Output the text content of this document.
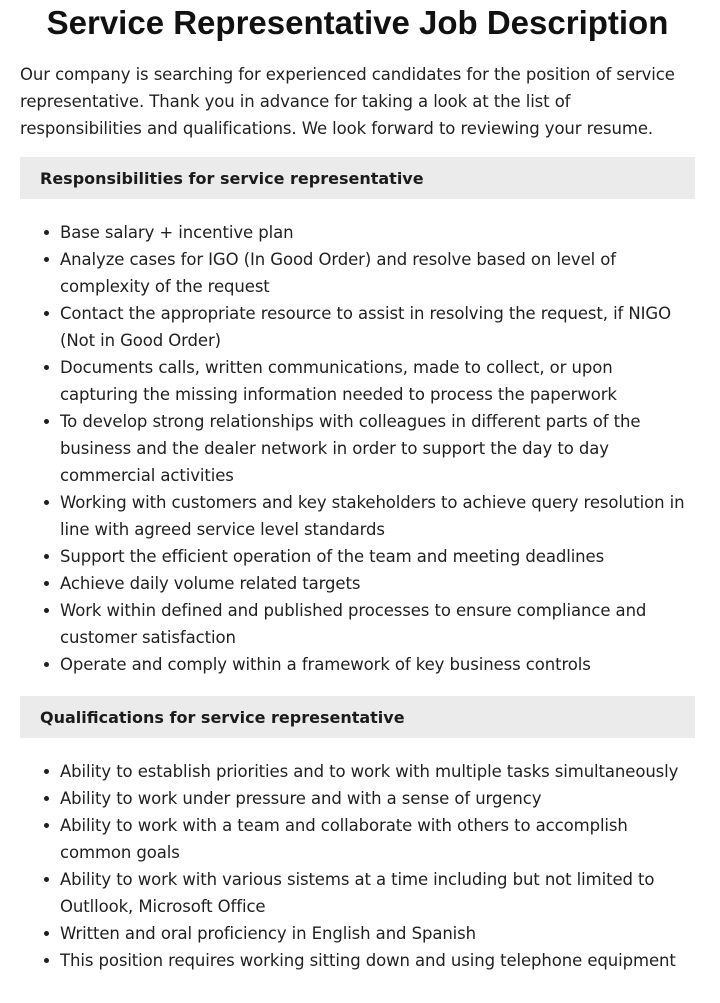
Service Representative Job Description

Our company is searching for experienced candidates for the position of service representative. Thank you in advance for taking a look at the list of responsibilities and qualifications. We look forward to reviewing your resume.

Responsibilities for service representative
Base salary + incentive plan
Analyze cases for IGO (In Good Order) and resolve based on level of complexity of the request
Contact the appropriate resource to assist in resolving the request, if NIGO (Not in Good Order)
Documents calls, written communications, made to collect, or upon capturing the missing information needed to process the paperwork
To develop strong relationships with colleagues in different parts of the business and the dealer network in order to support the day to day commercial activities
Working with customers and key stakeholders to achieve query resolution in line with agreed service level standards
Support the efficient operation of the team and meeting deadlines
Achieve daily volume related targets
Work within defined and published processes to ensure compliance and customer satisfaction
Operate and comply within a framework of key business controls
Qualifications for service representative
Ability to establish priorities and to work with multiple tasks simultaneously
Ability to work under pressure and with a sense of urgency
Ability to work with a team and collaborate with others to accomplish common goals
Ability to work with various sistems at a time including but not limited to Outllook, Microsoft Office
Written and oral proficiency in English and Spanish
This position requires working sitting down and using telephone equipment
